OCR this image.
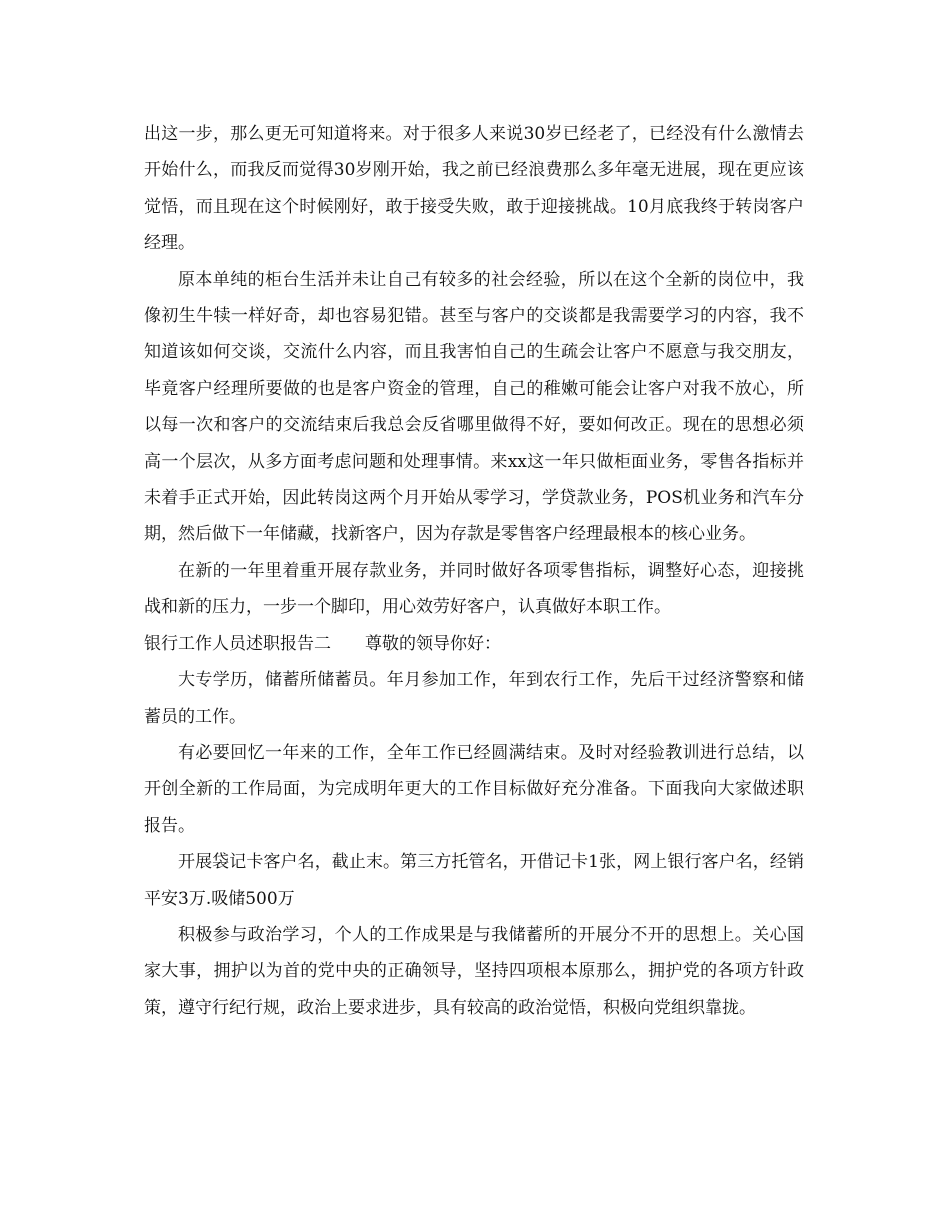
出这一步，那么更无可知道将来。对于很多人来说30岁已经老了，已经没有什么激情去开始什么，而我反而觉得30岁刚开始，我之前已经浪费那么多年毫无进展，现在更应该觉悟，而且现在这个时候刚好，敢于接受失败，敢于迎接挑战。10月底我终于转岗客户经理。

原本单纯的柜台生活并未让自己有较多的社会经验，所以在这个全新的岗位中，我像初生牛犊一样好奇，却也容易犯错。甚至与客户的交谈都是我需要学习的内容，我不知道该如何交谈，交流什么内容，而且我害怕自己的生疏会让客户不愿意与我交朋友，毕竟客户经理所要做的也是客户资金的管理，自己的稚嫩可能会让客户对我不放心，所以每一次和客户的交流结束后我总会反省哪里做得不好，要如何改正。现在的思想必须高一个层次，从多方面考虑问题和处理事情。来xx这一年只做柜面业务，零售各指标并未着手正式开始，因此转岗这两个月开始从零学习，学贷款业务，POS机业务和汽车分期，然后做下一年储藏，找新客户，因为存款是零售客户经理最根本的核心业务。

在新的一年里着重开展存款业务，并同时做好各项零售指标，调整好心态，迎接挑战和新的压力，一步一个脚印，用心效劳好客户，认真做好本职工作。

银行工作人员述职报告二　　尊敬的领导你好：

大专学历，储蓄所储蓄员。年月参加工作，年到农行工作，先后干过经济警察和储蓄员的工作。

有必要回忆一年来的工作，全年工作已经圆满结束。及时对经验教训进行总结，以开创全新的工作局面，为完成明年更大的工作目标做好充分准备。下面我向大家做述职报告。

开展袋记卡客户名，截止末。第三方托管名，开借记卡1张，网上银行客户名，经销平安3万.吸储500万

积极参与政治学习，个人的工作成果是与我储蓄所的开展分不开的思想上。关心国家大事，拥护以为首的党中央的正确领导，坚持四项根本原那么，拥护党的各项方针政策，遵守行纪行规，政治上要求进步，具有较高的政治觉悟，积极向党组织靠拢。
